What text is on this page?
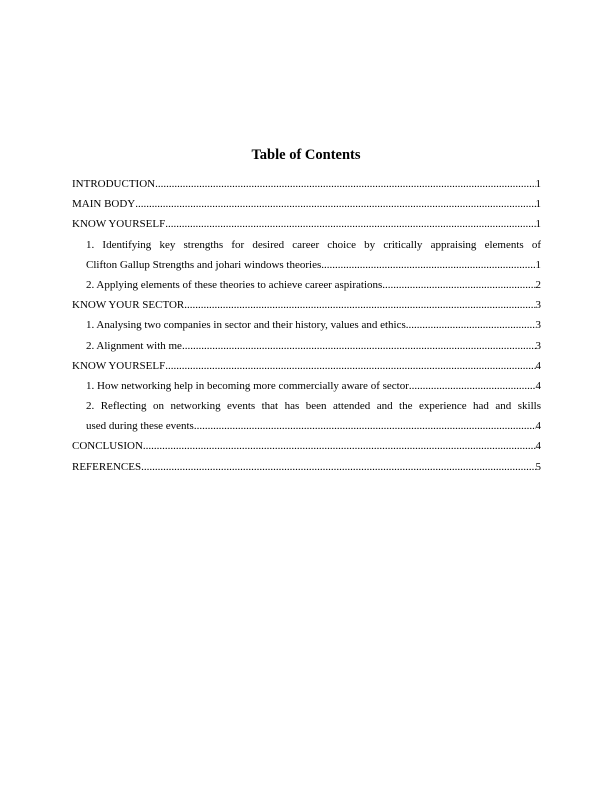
Table of Contents
INTRODUCTION .....	1
MAIN BODY .....	1
KNOW YOURSELF .....	1
1. Identifying key strengths for desired career choice by critically appraising elements of
Clifton Gallup Strengths and johari windows theories .....	1
2. Applying elements of these theories to achieve career aspirations .....	2
KNOW YOUR SECTOR .....	3
1. Analysing two companies in sector and their history, values and ethics .....	3
2. Alignment with me .....	3
KNOW YOURSELF .....	4
1. How networking help in becoming more commercially aware of sector .....	4
2. Reflecting on networking events that has been attended and the experience had and skills
used during these events .....	4
CONCLUSION .....	4
REFERENCES .....	5
